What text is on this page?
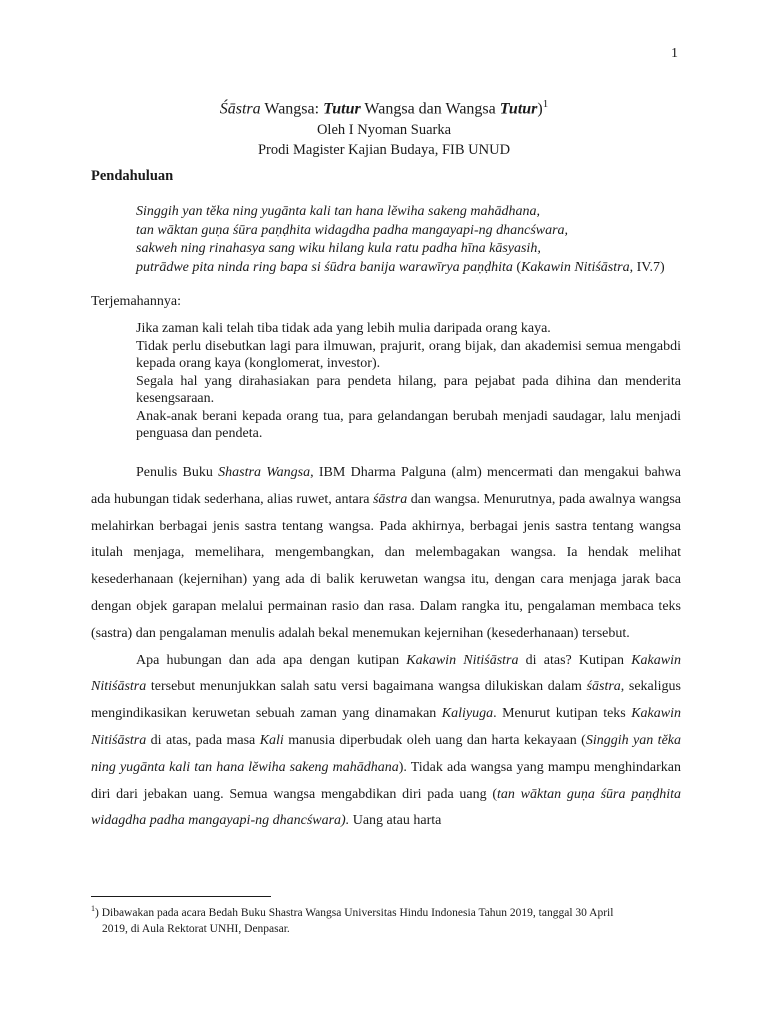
1
Śāstra Wangsa: Tutur Wangsa dan Wangsa Tutur)$^1$
Oleh I Nyoman Suarka
Prodi Magister Kajian Budaya, FIB UNUD
Pendahuluan
Singgih yan tĕka ning yugānta kali tan hana lĕwiha sakeng mahādhana,
tan wāktan guṇa śūra paṇḍhita widagdha padha mangayapi-ng dhancśwara,
sakweh ning rinahasya sang wiku hilang kula ratu padha hīna kāsyasih,
putrādwe pita ninda ring bapa si śūdra banija warawīrya paṇḍhita (Kakawin Nitiśāstra, IV.7)
Terjemahannya:

Jika zaman kali telah tiba tidak ada yang lebih mulia daripada orang kaya.

Tidak perlu disebutkan lagi para ilmuwan, prajurit, orang bijak, dan akademisi semua mengabdi kepada orang kaya (konglomerat, investor).

Segala hal yang dirahasiakan para pendeta hilang, para pejabat pada dihina dan menderita kesengsaraan.

Anak-anak berani kepada orang tua, para gelandangan berubah menjadi saudagar, lalu menjadi penguasa dan pendeta.

Penulis Buku Shastra Wangsa, IBM Dharma Palguna (alm) mencermati dan mengakui bahwa ada hubungan tidak sederhana, alias ruwet, antara śāstra dan wangsa. Menurutnya, pada awalnya wangsa melahirkan berbagai jenis sastra tentang wangsa. Pada akhirnya, berbagai jenis sastra tentang wangsa itulah menjaga, memelihara, mengembangkan, dan melembagakan wangsa. Ia hendak melihat kesederhanaan (kejernihan) yang ada di balik keruwetan wangsa itu, dengan cara menjaga jarak baca dengan objek garapan melalui permainan rasio dan rasa. Dalam rangka itu, pengalaman membaca teks (sastra) dan pengalaman menulis adalah bekal menemukan kejernihan (kesederhanaan) tersebut.

Apa hubungan dan ada apa dengan kutipan Kakawin Nitiśāstra di atas? Kutipan Kakawin Nitiśāstra tersebut menunjukkan salah satu versi bagaimana wangsa dilukiskan dalam śāstra, sekaligus mengindikasikan keruwetan sebuah zaman yang dinamakan Kaliyuga. Menurut kutipan teks Kakawin Nitiśāstra di atas, pada masa Kali manusia diperbudak oleh uang dan harta kekayaan (Singgih yan tĕka ning yugānta kali tan hana lĕwiha sakeng mahādhana). Tidak ada wangsa yang mampu menghindarkan diri dari jebakan uang. Semua wangsa mengabdikan diri pada uang (tan wāktan guṇa śūra paṇḍhita widagdha padha mangayapi-ng dhancśwara). Uang atau harta

$^1$) Dibawakan pada acara Bedah Buku Shastra Wangsa Universitas Hindu Indonesia Tahun 2019, tanggal 30 April
2019, di Aula Rektorat UNHI, Denpasar.
